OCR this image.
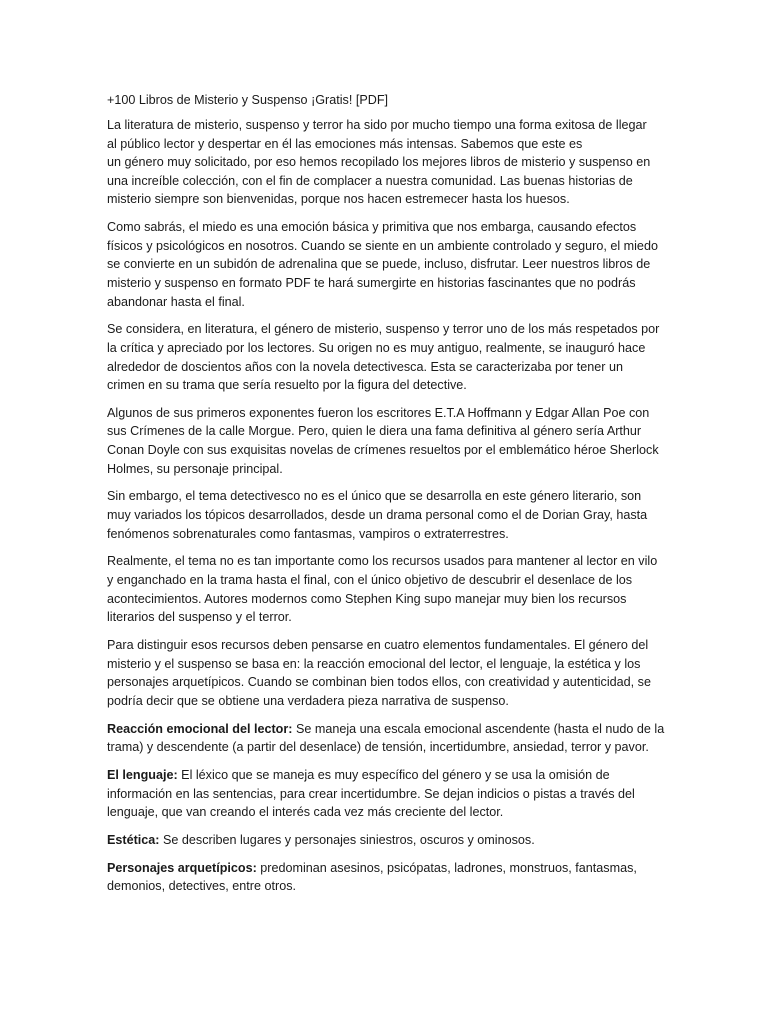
+100 Libros de Misterio y Suspenso ¡Gratis! [PDF]
La literatura de misterio, suspenso y terror ha sido por mucho tiempo una forma exitosa de llegar
al público lector y despertar en él las emociones más intensas. Sabemos que este es
un género muy solicitado, por eso hemos recopilado los mejores libros de misterio y suspenso en
una increíble colección, con el fin de complacer a nuestra comunidad. Las buenas historias de
misterio siempre son bienvenidas, porque nos hacen estremecer hasta los huesos.
Como sabrás, el miedo es una emoción básica y primitiva que nos embarga, causando efectos
físicos y psicológicos en nosotros. Cuando se siente en un ambiente controlado y seguro, el miedo
se convierte en un subidón de adrenalina que se puede, incluso, disfrutar. Leer nuestros libros de
misterio y suspenso en formato PDF te hará sumergirte en historias fascinantes que no podrás
abandonar hasta el final.
Se considera, en literatura, el género de misterio, suspenso y terror uno de los más respetados por
la crítica y apreciado por los lectores. Su origen no es muy antiguo, realmente, se inauguró hace
alrededor de doscientos años con la novela detectivesca. Esta se caracterizaba por tener un
crimen en su trama que sería resuelto por la figura del detective.
Algunos de sus primeros exponentes fueron los escritores E.T.A Hoffmann y Edgar Allan Poe con
sus Crímenes de la calle Morgue. Pero, quien le diera una fama definitiva al género sería Arthur
Conan Doyle con sus exquisitas novelas de crímenes resueltos por el emblemático héroe Sherlock
Holmes, su personaje principal.
Sin embargo, el tema detectivesco no es el único que se desarrolla en este género literario, son
muy variados los tópicos desarrollados, desde un drama personal como el de Dorian Gray, hasta
fenómenos sobrenaturales como fantasmas, vampiros o extraterrestres.
Realmente, el tema no es tan importante como los recursos usados para mantener al lector en vilo
y enganchado en la trama hasta el final, con el único objetivo de descubrir el desenlace de los
acontecimientos. Autores modernos como Stephen King supo manejar muy bien los recursos
literarios del suspenso y el terror.
Para distinguir esos recursos deben pensarse en cuatro elementos fundamentales. El género del
misterio y el suspenso se basa en: la reacción emocional del lector, el lenguaje, la estética y los
personajes arquetípicos. Cuando se combinan bien todos ellos, con creatividad y autenticidad, se
podría decir que se obtiene una verdadera pieza narrativa de suspenso.
Reacción emocional del lector: Se maneja una escala emocional ascendente (hasta el nudo de la
trama) y descendente (a partir del desenlace) de tensión, incertidumbre, ansiedad, terror y pavor.
El lenguaje: El léxico que se maneja es muy específico del género y se usa la omisión de
información en las sentencias, para crear incertidumbre. Se dejan indicios o pistas a través del
lenguaje, que van creando el interés cada vez más creciente del lector.
Estética: Se describen lugares y personajes siniestros, oscuros y ominosos.
Personajes arquetípicos: predominan asesinos, psicópatas, ladrones, monstruos, fantasmas,
demonios, detectives, entre otros.
